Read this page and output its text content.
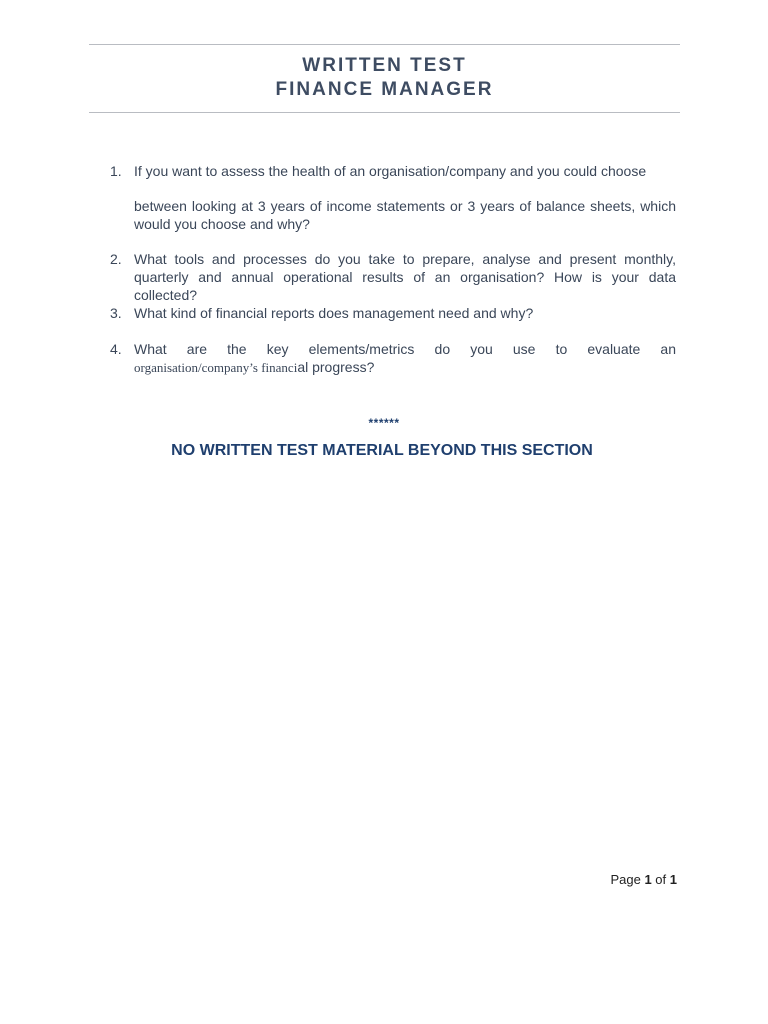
WRITTEN TEST
FINANCE MANAGER
1. If you want to assess the health of an organisation/company and you could choose
between looking at 3 years of income statements or 3 years of balance sheets, which would you choose and why?
2. What tools and processes do you take to prepare, analyse and present monthly, quarterly and annual operational results of an organisation? How is your data collected?
3. What kind of financial reports does management need and why?
4. What are the key elements/metrics do you use to evaluate an
organisation/company’s financial progress?
******
NO WRITTEN TEST MATERIAL BEYOND THIS SECTION
Page 1 of 1
